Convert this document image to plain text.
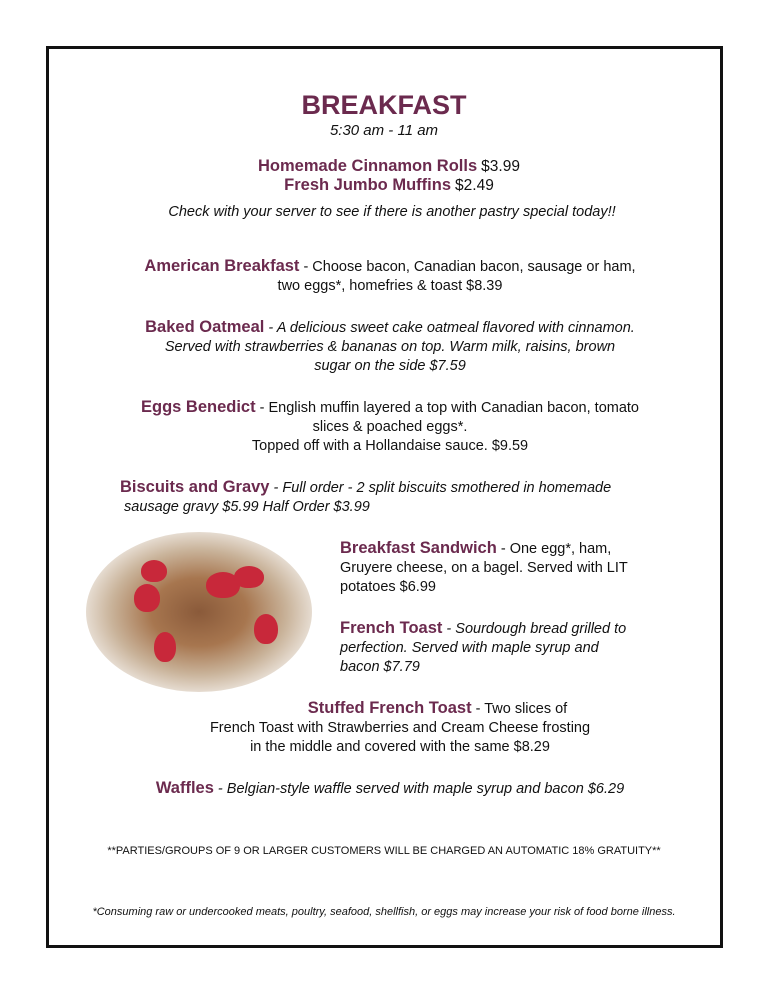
BREAKFAST
5:30 am - 11 am
Homemade Cinnamon Rolls $3.99
Fresh Jumbo Muffins $2.49
Check with your server to see if there is another pastry special today!!
American Breakfast - Choose bacon, Canadian bacon, sausage or ham,
two eggs*, homefries & toast $8.39
Baked Oatmeal - A delicious sweet cake oatmeal flavored with cinnamon.
Served with strawberries & bananas on top. Warm milk, raisins, brown
sugar on the side $7.59
Eggs Benedict - English muffin layered a top with Canadian bacon, tomato
slices & poached eggs*.
Topped off with a Hollandaise sauce. $9.59
Biscuits and Gravy - Full order - 2 split biscuits smothered in homemade
sausage gravy $5.99 Half Order $3.99
Breakfast Sandwich - One egg*, ham,
Gruyere cheese, on a bagel. Served with LIT
potatoes $6.99
French Toast - Sourdough bread grilled to
perfection. Served with maple syrup and
bacon $7.79
Stuffed French Toast - Two slices of
French Toast with Strawberries and Cream Cheese frosting
in the middle and covered with the same $8.29
Waffles - Belgian-style waffle served with maple syrup and bacon $6.29
**PARTIES/GROUPS OF 9 OR LARGER CUSTOMERS WILL BE CHARGED AN AUTOMATIC 18% GRATUITY**
*Consuming raw or undercooked meats, poultry, seafood, shellfish, or eggs may increase your risk of food borne illness.
